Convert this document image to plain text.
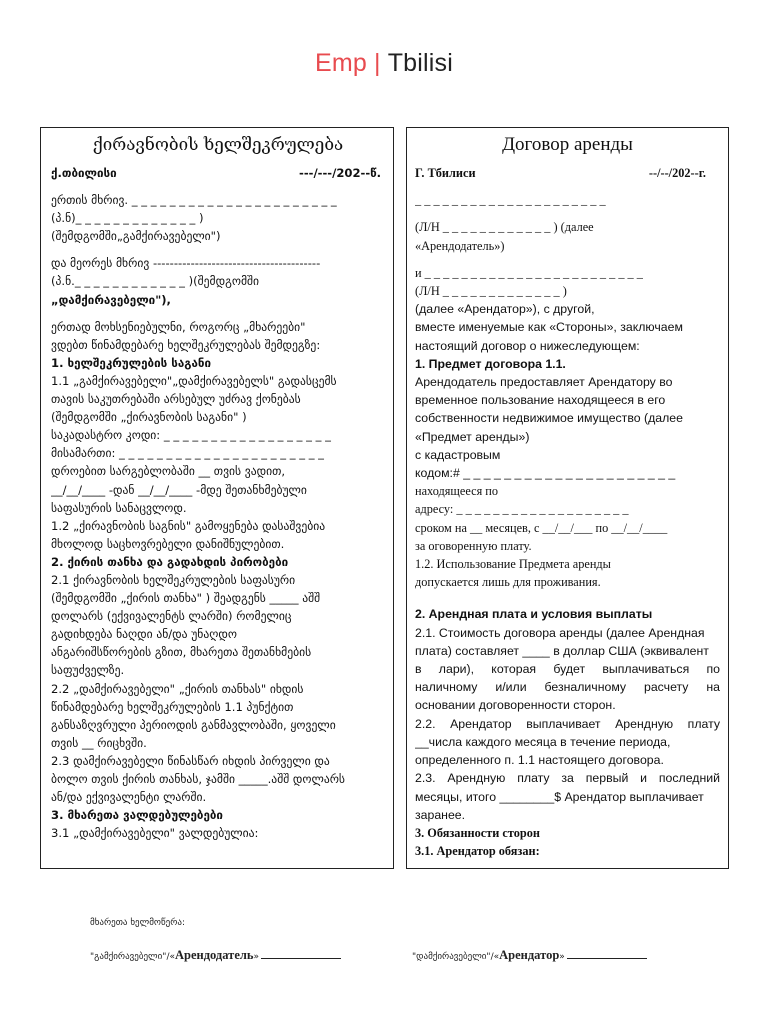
Emp | Tbilisi
ქირავნობის ხელშეკრულება
ქ.თბილისი	---/---/202--წ.
ერთის მხრივ. _ _ _ _ _ _ _ _ _ _ _ _ _ _ _ _ _ _ _ _ _ _
(პ.ნ)_ _ _ _ _ _ _ _ _ _ _ _ _ )
(შემდგომში„გამქირავებელი")
და მეორეს მხრივ ----------------------------------------
(პ.ნ._ _ _ _ _ _ _ _ _ _ _ _ )(შემდგომში
„დამქირავებელი"),
ერთად მოხსენიებულნი, როგორც „მხარეები"
ვდებთ წინამდებარე ხელშეკრულებას შემდეგზე:
1. ხელშეკრულების საგანი
1.1 „გამქირავებელი"„დამქირავებელს" გადასცემს
თავის საკუთრებაში არსებულ უძრავ ქონებას
(შემდგომში „ქირავნობის საგანი" )
საკადასტრო კოდი: _ _ _ _ _ _ _ _ _ _ _ _ _ _ _ _ _ _
მისამართი: _ _ _ _ _ _ _ _ _ _ _ _ _ _ _ _ _ _ _ _ _ _
დროებით სარგებლობაში __ თვის ვადით,
__/__/____ -დან __/__/____ -მდე შეთანხმებული
საფასურის სანაცვლოდ.
1.2 „ქირავნობის საგნის" გამოყენება დასაშვებია
მხოლოდ საცხოვრებელი დანიშნულებით.
2. ქირის თანხა და გადახდის პირობები
2.1 ქირავნობის ხელშეკრულების საფასური
(შემდგომში „ქირის თანხა" ) შეადგენს _____ აშშ
დოლარს (ექვივალენტს ლარში) რომელიც
გადიხდება ნაღდი ან/და უნაღდო
ანგარიშსწორების გზით, მხარეთა შეთანხმების
საფუძველზე.
2.2 „დამქირავებელი" „ქირის თანხას" იხდის
წინამდებარე ხელშეკრულების 1.1 პუნქტით
განსაზღვრული პერიოდის განმავლობაში, ყოველი
თვის __ რიცხვში.
2.3 დამქირავებელი წინასწარ იხდის პირველი და
ბოლო თვის ქირის თანხას, ჯამში _____.აშშ დოლარს
ან/და ექვივალენტი ლარში.
3. მხარეთა ვალდებულებები
3.1 „დამქირავებელი" ვალდებულია:
Договор аренды
Г. Тбилиси	--/--/202--г.
_ _ _ _ _ _ _ _ _ _ _ _ _ _ _ _ _ _ _ _ _
(Л/Н _ _ _ _ _ _ _ _ _ _ _ _ ) (далее
«Арендодатель»)
и _ _ _ _ _ _ _ _ _ _ _ _ _ _ _ _ _ _ _ _ _ _ _ _
(Л/Н _ _ _ _ _ _ _ _ _ _ _ _ _ )
(далее «Арендатор»), с другой,
вместе именуемые как «Стороны», заключаем
настоящий договор о нижеследующем:
1. Предмет договора 1.1.
Арендодатель предоставляет Арендатору во
временное пользование находящееся в его
собственности недвижимое имущество (далее
«Предмет аренды»)
с кадастровым
кодом:# _ _ _ _ _ _ _ _ _ _ _ _ _ _ _ _ _ _ _ _ _
находящееся по
адресу: _ _ _ _ _ _ _ _ _ _ _ _ _ _ _ _ _ _ _
сроком на __ месяцев, с __/__/___ по __/__/____
за оговоренную плату.
1.2. Использование Предмета аренды
допускается лишь для проживания.
2. Арендная плата и условия выплаты
2.1. Стоимость договора аренды (далее Арендная
плата) составляет ____ в доллар США (эквивалент
в лари), которая будет выплачиваться по
наличному и/или безналичному расчету на
основании договоренности сторон.
2.2. Арендатор выплачивает Арендную плату
__числа каждого месяца в течение периода,
определенного п. 1.1 настоящего договора.
2.3. Арендную плату за первый и последний
месяцы, итого ________$ Арендатор выплачивает
заранее.
3. Обязанности сторон
3.1. Арендатор обязан:
მხარეთა ხელმოწერა:
"გამქირავებელი"/«Арендодатель»	"დამქირავებელი"/«Арендатор»
